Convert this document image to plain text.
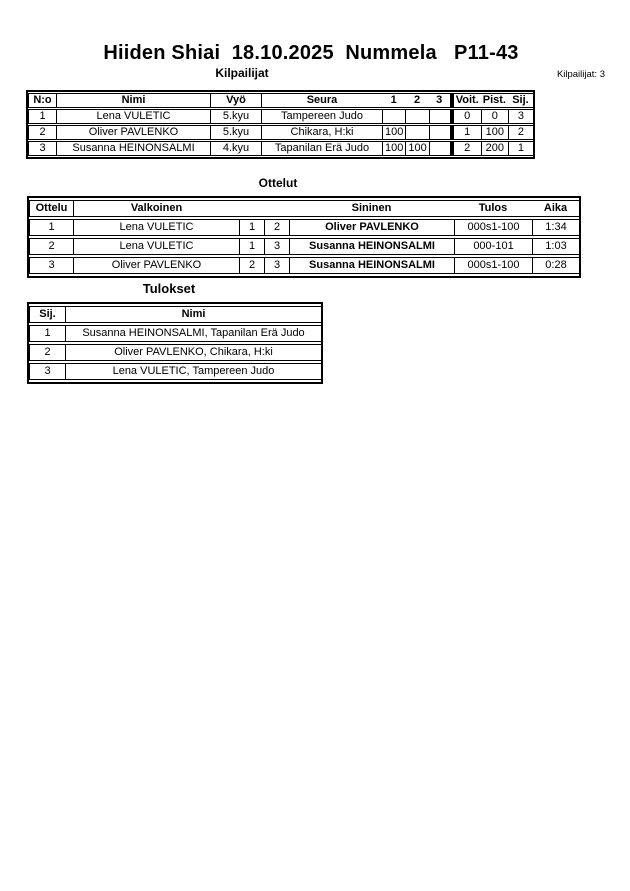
Hiiden Shiai  18.10.2025  Nummela   P11-43
Kilpailijat	Kilpailijat: 3
N:o	Nimi	Vyö	Seura	1	2	3	Voit.	Pist.	Sij.
1	Lena VULETIC	5.kyu	Tampereen Judo				0	0	3
2	Oliver PAVLENKO	5.kyu	Chikara, H:ki	100			1	100	2
3	Susanna HEINONSALMI	4.kyu	Tapanilan Erä Judo	100	100		2	200	1
Ottelut
Ottelu	Valkoinen			Sininen	Tulos	Aika
1	Lena VULETIC	1	2	Oliver PAVLENKO	000s1-100	1:34
2	Lena VULETIC	1	3	Susanna HEINONSALMI	000-101	1:03
3	Oliver PAVLENKO	2	3	Susanna HEINONSALMI	000s1-100	0:28
Tulokset
Sij.	Nimi
1	Susanna HEINONSALMI, Tapanilan Erä Judo
2	Oliver PAVLENKO, Chikara, H:ki
3	Lena VULETIC, Tampereen Judo
